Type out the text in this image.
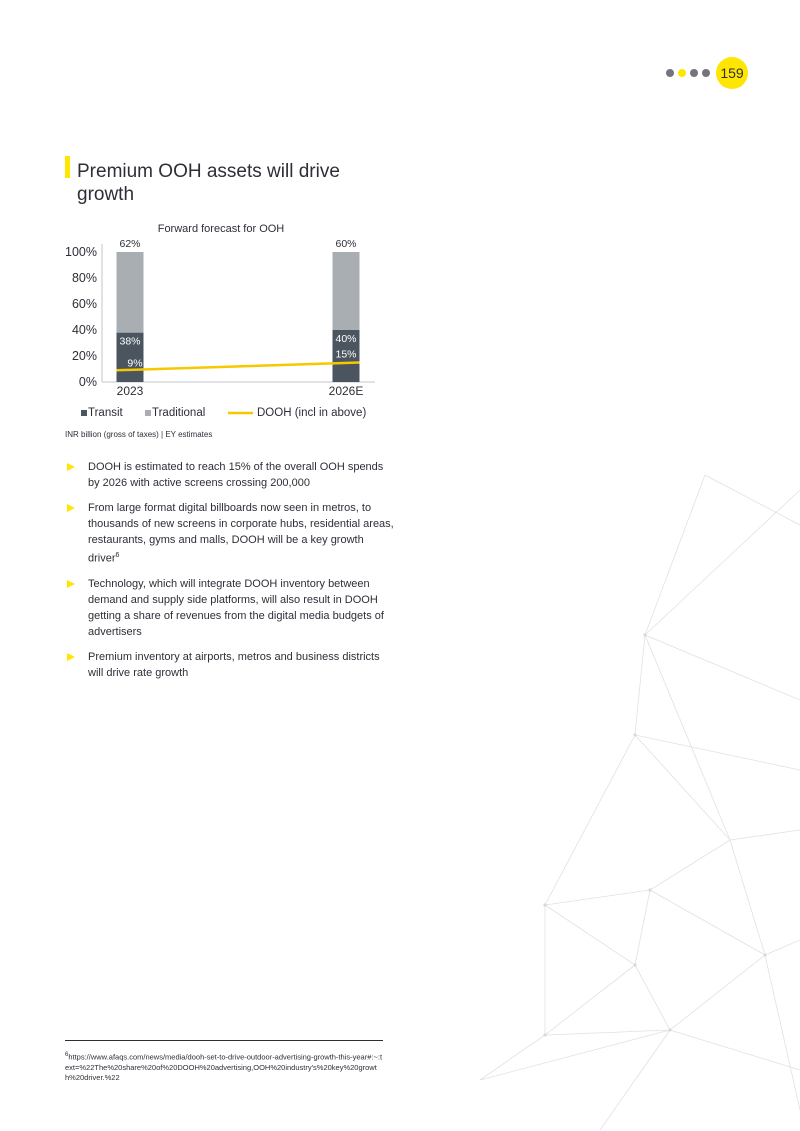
159
Premium OOH assets will drive growth
Forward forecast for OOH
0%
20%
40%
60%
80%
100%
38%
62%
2023
40%
60%
2026E
9%
15%
Transit	Traditional	DOOH (incl in above)
INR billion (gross of taxes) | EY estimates
DOOH is estimated to reach 15% of the overall OOH spends by 2026 with active screens crossing 200,000
From large format digital billboards now seen in metros, to thousands of new screens in corporate hubs, residential areas, restaurants, gyms and malls, DOOH will be a key growth driver$^6$
Technology, which will integrate DOOH inventory between demand and supply side platforms, will also result in DOOH getting a share of revenues from the digital media budgets of advertisers
Premium inventory at airports, metros and business districts will drive rate growth
$^6$https://www.afaqs.com/news/media/dooh-set-to-drive-outdoor-advertising-growth-this-year#:~:text=%22The%20share%20of%20DOOH%20advertising,OOH%20industry's%20key%20growth%20driver.%22
